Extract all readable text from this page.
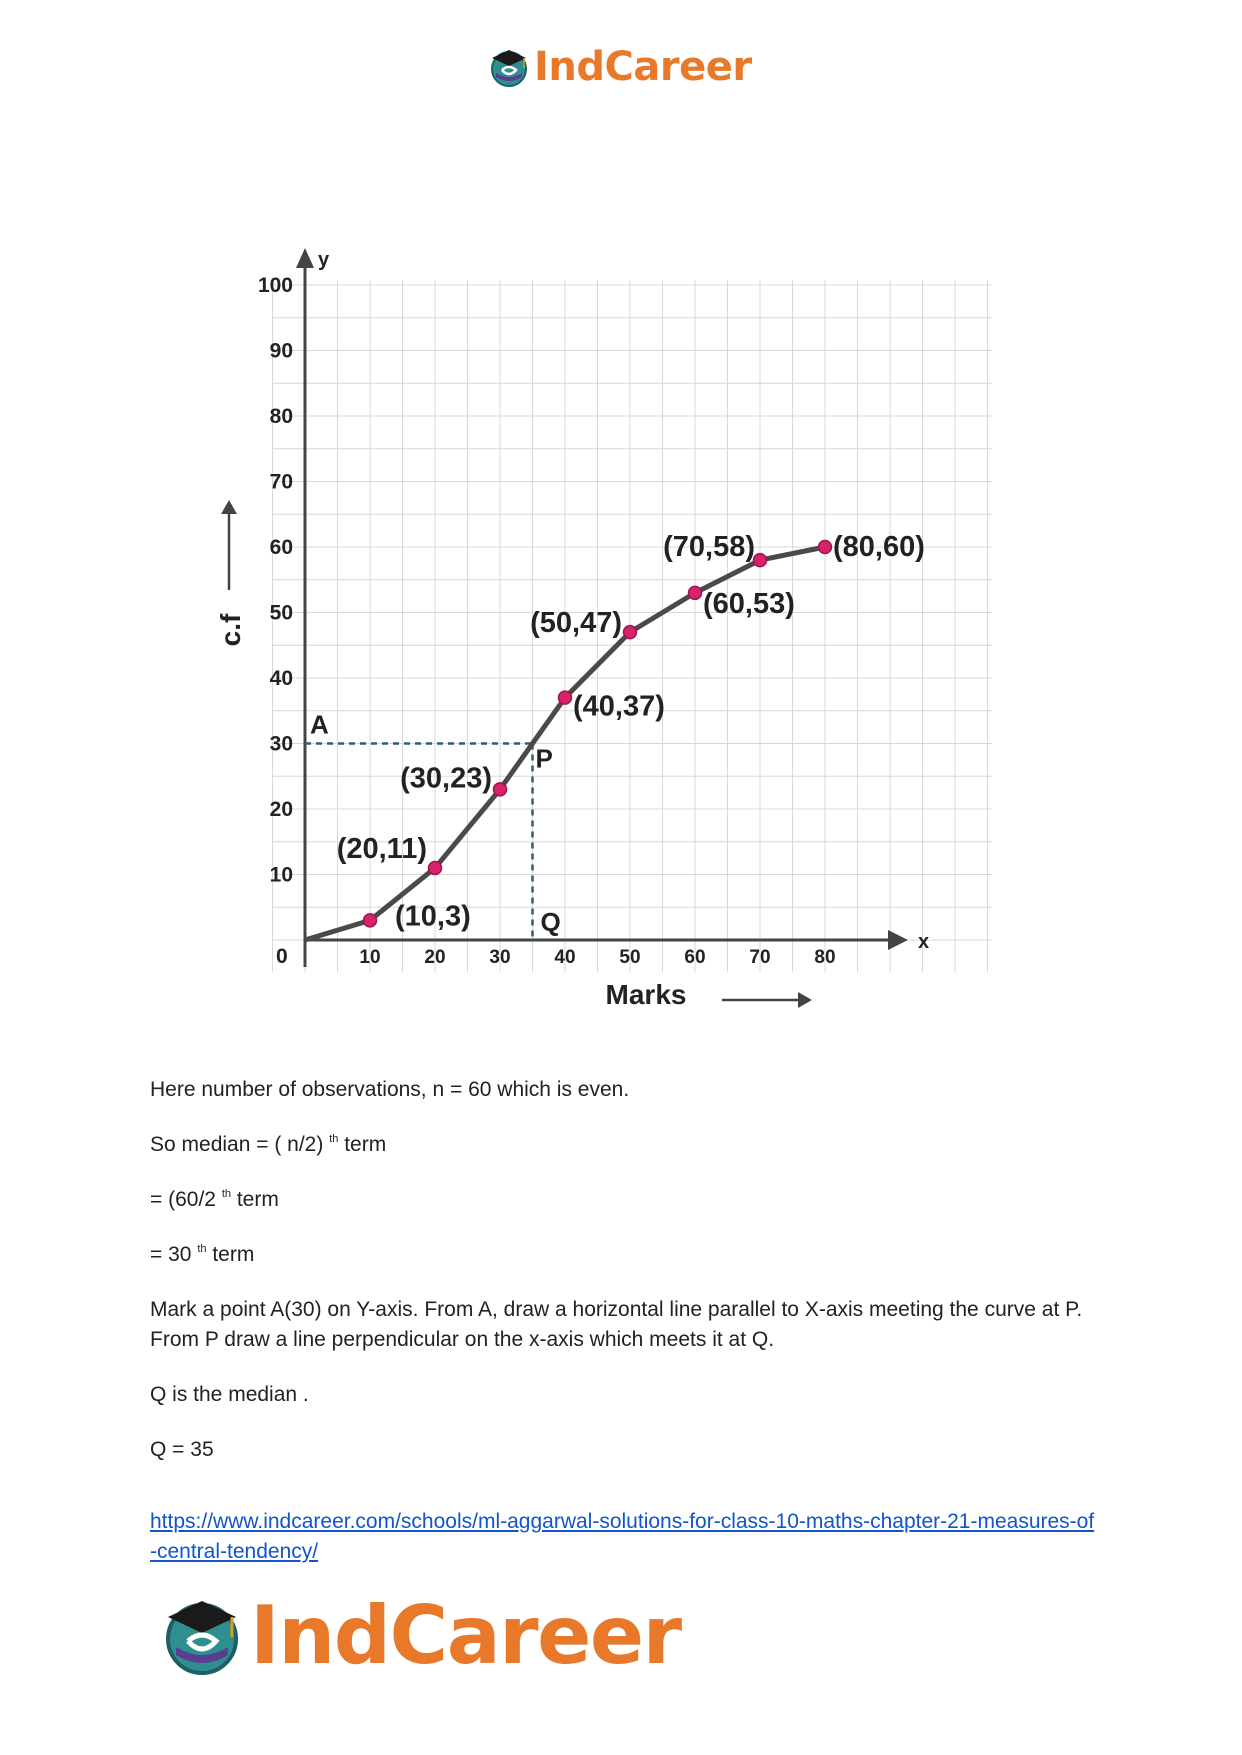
IndCareer
y
x
0	10 20 30 40 50 60 70 80
10
20
30
40
50
60
70
80
90
100
Marks
c.f
A
P
Q
(10,3)
(20,11)
(30,23)
(40,37)
(50,47)
(60,53)
(70,58)	(80,60)

Here number of observations, n = 60 which is even.

So median = ( n/2) $^{th}$ term

= (60/2 $^{th}$ term

= 30 $^{th}$ term

Mark a point A(30) on Y-axis. From A, draw a horizontal line parallel to X-axis meeting the curve at P. From P draw a line perpendicular on the x-axis which meets it at Q.

Q is the median .

Q = 35

https://www.indcareer.com/schools/ml-aggarwal-solutions-for-class-10-maths-chapter-21-measures-of-central-tendency/
IndCareer
